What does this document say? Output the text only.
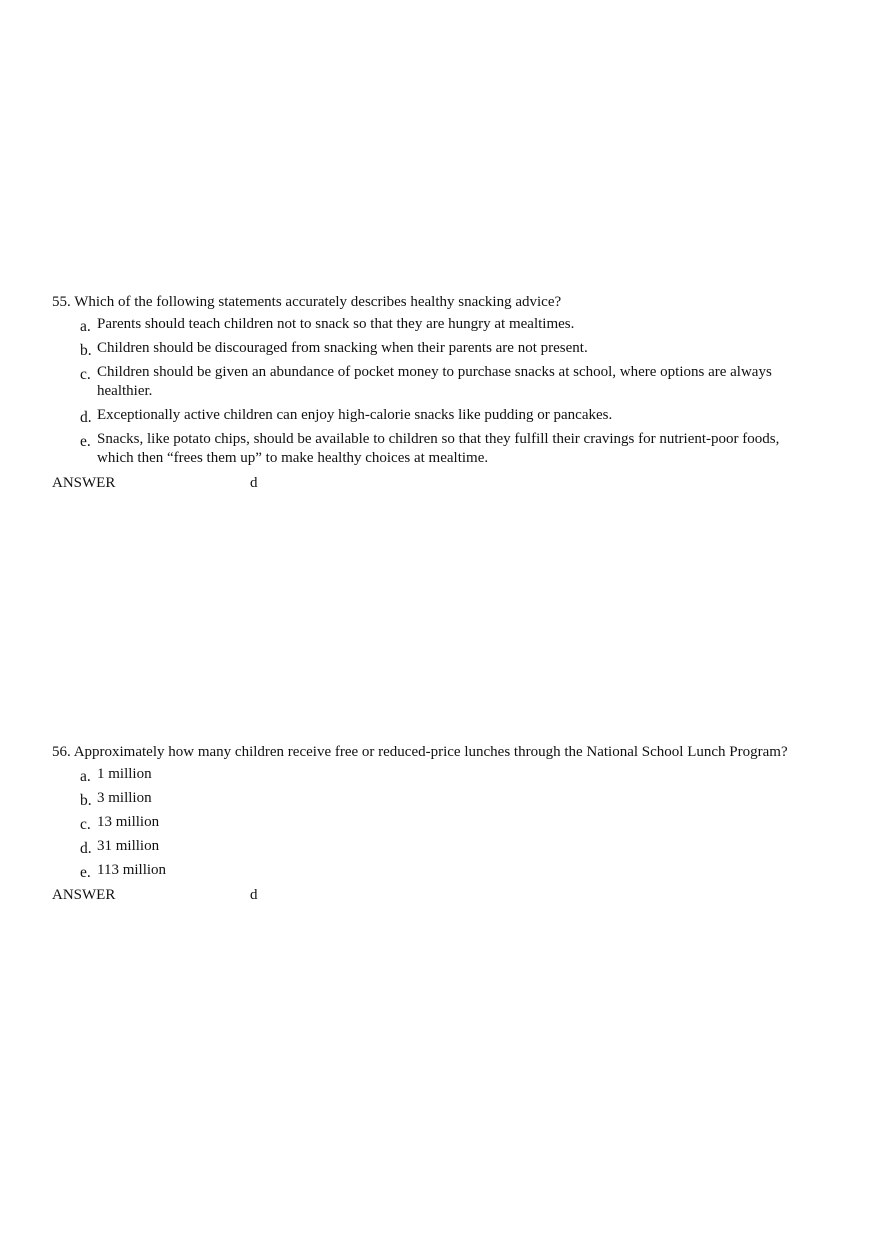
55. Which of the following statements accurately describes healthy snacking advice?

a. Parents should teach children not to snack so that they are hungry at mealtimes.
b. Children should be discouraged from snacking when their parents are not present.
c. Children should be given an abundance of pocket money to purchase snacks at school, where options are always healthier.
d. Exceptionally active children can enjoy high-calorie snacks like pudding or pancakes.
e. Snacks, like potato chips, should be available to children so that they fulfill their cravings for nutrient-poor foods, which then “frees them up” to make healthy choices at mealtime.
ANSWER	d

56. Approximately how many children receive free or reduced-price lunches through the National School Lunch Program?

a. 1 million
b. 3 million
c. 13 million
d. 31 million
e. 113 million
ANSWER	d
